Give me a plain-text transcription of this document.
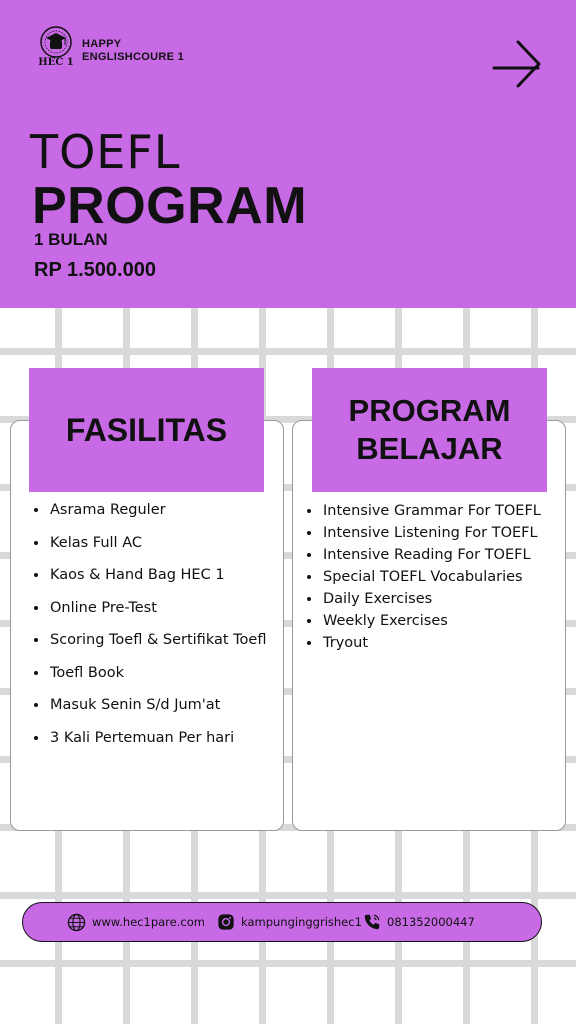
HEC 1
HAPPY
ENGLISHCOURE 1
TOEFL
PROGRAM
1 BULAN
RP 1.500.000
FASILITAS
PROGRAM
BELAJAR
Asrama Reguler
Kelas Full AC
Kaos & Hand Bag HEC 1
Online Pre-Test
Scoring Toefl & Sertifikat Toefl
Toefl Book
Masuk Senin S/d Jum'at
3 Kali Pertemuan Per hari
Intensive Grammar For TOEFL
Intensive Listening For TOEFL
Intensive Reading For TOEFL
Special TOEFL Vocabularies
Daily Exercises
Weekly Exercises
Tryout
www.hec1pare.com	kampunginggrishec1 081352000447
